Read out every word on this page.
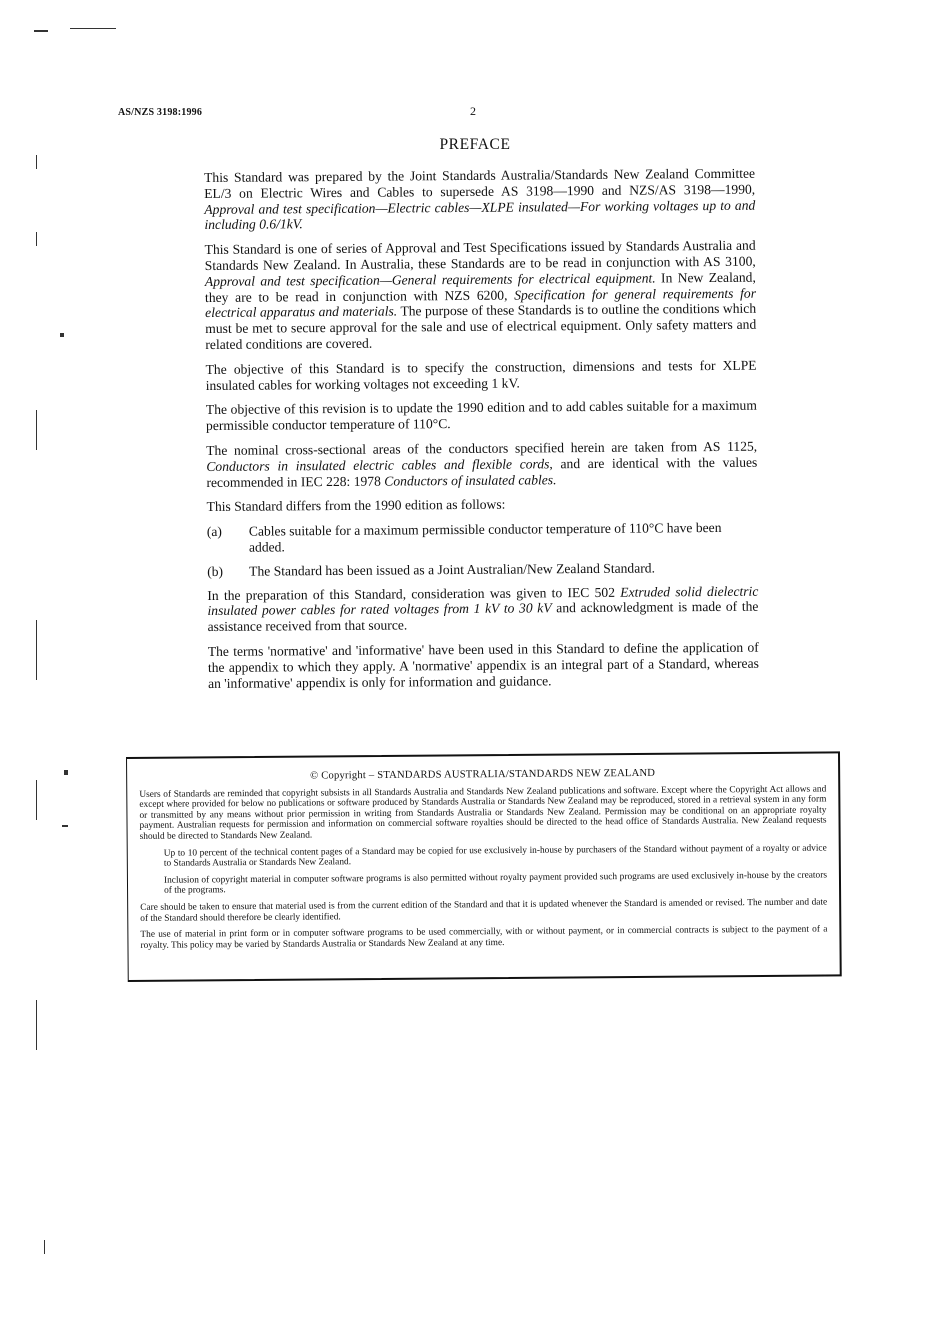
AS/NZS 3198:1996	2
PREFACE

This Standard was prepared by the Joint Standards Australia/Standards New Zealand Committee EL/3 on Electric Wires and Cables to supersede AS 3198—1990 and NZS/AS 3198—1990, Approval and test specification—Electric cables—XLPE insulated—For working voltages up to and including 0.6/1kV.

This Standard is one of series of Approval and Test Specifications issued by Standards Australia and Standards New Zealand. In Australia, these Standards are to be read in conjunction with AS 3100, Approval and test specification—General requirements for electrical equipment. In New Zealand, they are to be read in conjunction with NZS 6200, Specification for general requirements for electrical apparatus and materials. The purpose of these Standards is to outline the conditions which must be met to secure approval for the sale and use of electrical equipment. Only safety matters and related conditions are covered.

The objective of this Standard is to specify the construction, dimensions and tests for XLPE insulated cables for working voltages not exceeding 1 kV.

The objective of this revision is to update the 1990 edition and to add cables suitable for a maximum permissible conductor temperature of 110°C.

The nominal cross-sectional areas of the conductors specified herein are taken from AS 1125, Conductors in insulated electric cables and flexible cords, and are identical with the values recommended in IEC 228: 1978 Conductors of insulated cables.

This Standard differs from the 1990 edition as follows:

(a)	Cables suitable for a maximum permissible conductor temperature of 110°C have been added.
(b)	The Standard has been issued as a Joint Australian/New Zealand Standard.

In the preparation of this Standard, consideration was given to IEC 502 Extruded solid dielectric insulated power cables for rated voltages from 1 kV to 30 kV and acknowledgment is made of the assistance received from that source.

The terms 'normative' and 'informative' have been used in this Standard to define the application of the appendix to which they apply. A 'normative' appendix is an integral part of a Standard, whereas an 'informative' appendix is only for information and guidance.

© Copyright – STANDARDS AUSTRALIA/STANDARDS NEW ZEALAND

Users of Standards are reminded that copyright subsists in all Standards Australia and Standards New Zealand publications and software. Except where the Copyright Act allows and except where provided for below no publications or software produced by Standards Australia or Standards New Zealand may be reproduced, stored in a retrieval system in any form or transmitted by any means without prior permission in writing from Standards Australia or Standards New Zealand. Permission may be conditional on an appropriate royalty payment. Australian requests for permission and information on commercial software royalties should be directed to the head office of Standards Australia. New Zealand requests should be directed to Standards New Zealand.

Up to 10 percent of the technical content pages of a Standard may be copied for use exclusively in-house by purchasers of the Standard without payment of a royalty or advice to Standards Australia or Standards New Zealand.

Inclusion of copyright material in computer software programs is also permitted without royalty payment provided such programs are used exclusively in-house by the creators of the programs.

Care should be taken to ensure that material used is from the current edition of the Standard and that it is updated whenever the Standard is amended or revised. The number and date of the Standard should therefore be clearly identified.

The use of material in print form or in computer software programs to be used commercially, with or without payment, or in commercial contracts is subject to the payment of a royalty. This policy may be varied by Standards Australia or Standards New Zealand at any time.
